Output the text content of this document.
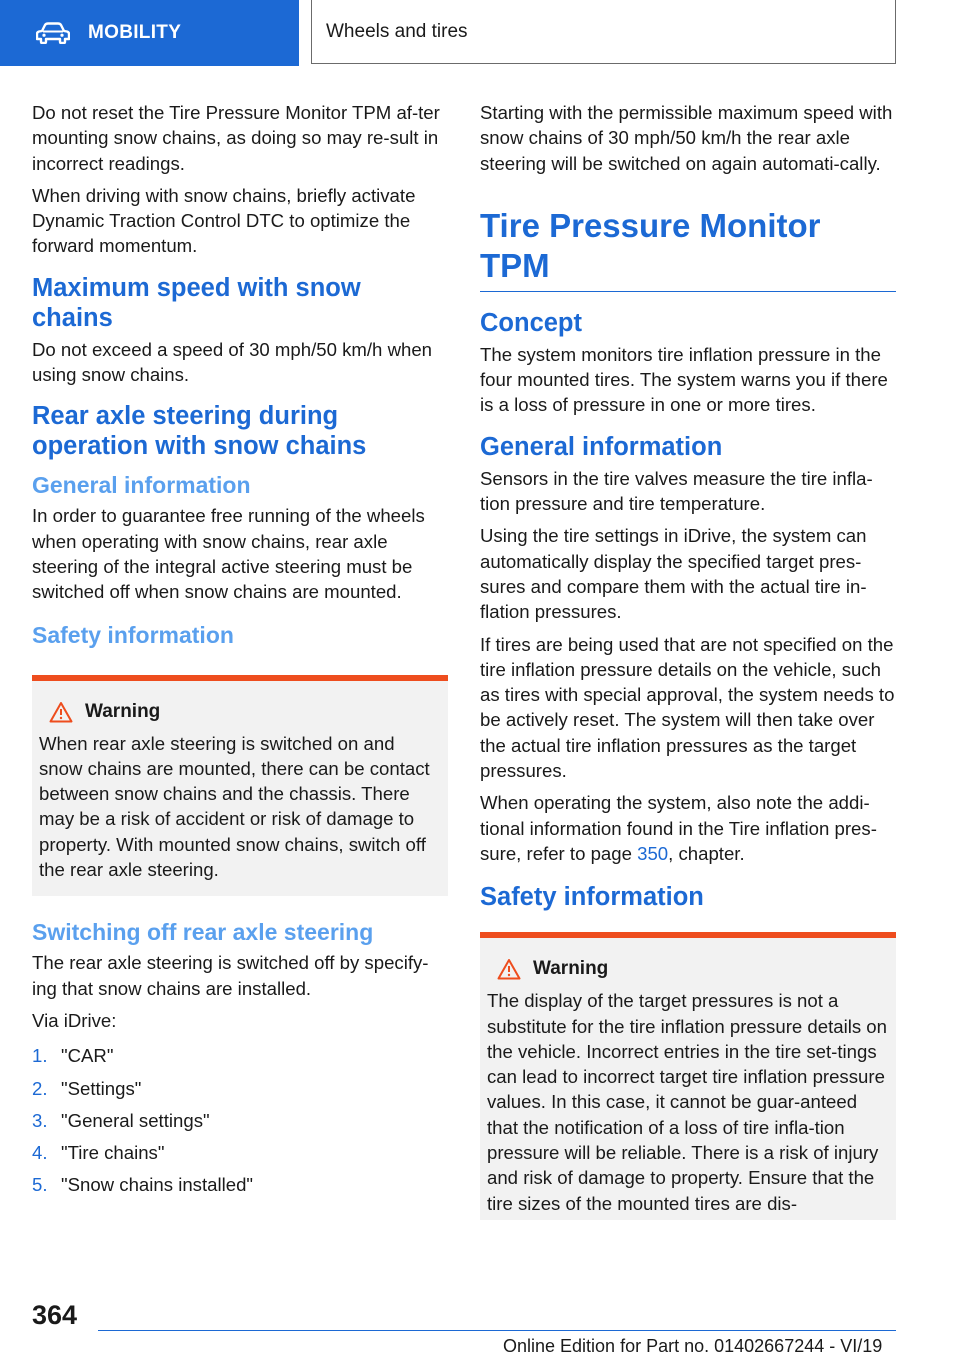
MOBILITY	Wheels and tires

Do not reset the Tire Pressure Monitor TPM af-ter mounting snow chains, as doing so may re-sult in incorrect readings.

When driving with snow chains, briefly activate Dynamic Traction Control DTC to optimize the forward momentum.

Maximum speed with snow chains

Do not exceed a speed of 30 mph/50 km/h when using snow chains.

Rear axle steering during operation with snow chains
General information

In order to guarantee free running of the wheels when operating with snow chains, rear axle steering of the integral active steering must be switched off when snow chains are mounted.

Safety information
Warning

When rear axle steering is switched on and snow chains are mounted, there can be contact between snow chains and the chassis. There may be a risk of accident or risk of damage to property. With mounted snow chains, switch off the rear axle steering.

Switching off rear axle steering

The rear axle steering is switched off by specify-ing that snow chains are installed.

Via iDrive:

1. "CAR"
2. "Settings"
3. "General settings"
4. "Tire chains"
5. "Snow chains installed"

Starting with the permissible maximum speed with snow chains of 30 mph/50 km/h the rear axle steering will be switched on again automati-cally.

Tire Pressure Monitor TPM
Concept

The system monitors tire inflation pressure in the four mounted tires. The system warns you if there is a loss of pressure in one or more tires.

General information

Sensors in the tire valves measure the tire infla-tion pressure and tire temperature.

Using the tire settings in iDrive, the system can automatically display the specified target pres-sures and compare them with the actual tire in-flation pressures.

If tires are being used that are not specified on the tire inflation pressure details on the vehicle, such as tires with special approval, the system needs to be actively reset. The system will then take over the actual tire inflation pressures as the target pressures.

When operating the system, also note the addi-tional information found in the Tire inflation pres-sure, refer to page 350, chapter.

Safety information
Warning

The display of the target pressures is not a substitute for the tire inflation pressure details on the vehicle. Incorrect entries in the tire set-tings can lead to incorrect target tire inflation pressure values. In this case, it cannot be guar-anteed that the notification of a loss of tire infla-tion pressure will be reliable. There is a risk of injury and risk of damage to property. Ensure that the tire sizes of the mounted tires are dis-

364
Online Edition for Part no. 01402667244 - VI/19
